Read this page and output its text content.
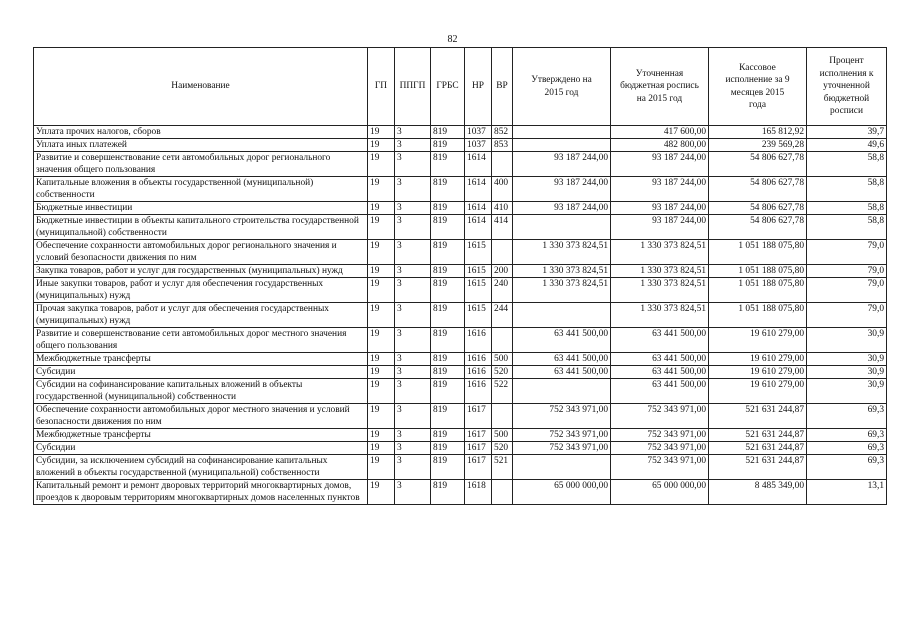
82
Наименование	ГП	ППГП	ГРБС	НР	ВР	Утверждено на 2015 год	Уточненная бюджетная роспись на 2015 год	Кассовое исполнение за 9 месяцев 2015 года	Процент исполнения к уточненной бюджетной росписи
Уплата прочих налогов, сборов	19	3	819	1037	852		417 600,00	165 812,92	39,7
Уплата иных платежей	19	3	819	1037	853		482 800,00	239 569,28	49,6
Развитие и совершенствование сети автомобильных дорог регионального значения общего пользования	19	3	819	1614		93 187 244,00	93 187 244,00	54 806 627,78	58,8
Капитальные вложения в объекты государственной (муниципальной) собственности	19	3	819	1614	400	93 187 244,00	93 187 244,00	54 806 627,78	58,8
Бюджетные инвестиции	19	3	819	1614	410	93 187 244,00	93 187 244,00	54 806 627,78	58,8
Бюджетные инвестиции в объекты капитального строительства государственной (муниципальной) собственности	19	3	819	1614	414		93 187 244,00	54 806 627,78	58,8
Обеспечение сохранности автомобильных дорог регионального значения и условий безопасности движения по ним	19	3	819	1615		1 330 373 824,51	1 330 373 824,51	1 051 188 075,80	79,0
Закупка товаров, работ и услуг для государственных (муниципальных) нужд	19	3	819	1615	200	1 330 373 824,51	1 330 373 824,51	1 051 188 075,80	79,0
Иные закупки товаров, работ и услуг для обеспечения государственных (муниципальных) нужд	19	3	819	1615	240	1 330 373 824,51	1 330 373 824,51	1 051 188 075,80	79,0
Прочая закупка товаров, работ и услуг для обеспечения государственных (муниципальных) нужд	19	3	819	1615	244		1 330 373 824,51	1 051 188 075,80	79,0
Развитие и совершенствование сети автомобильных дорог местного значения общего пользования	19	3	819	1616		63 441 500,00	63 441 500,00	19 610 279,00	30,9
Межбюджетные трансферты	19	3	819	1616	500	63 441 500,00	63 441 500,00	19 610 279,00	30,9
Субсидии	19	3	819	1616	520	63 441 500,00	63 441 500,00	19 610 279,00	30,9
Субсидии на софинансирование капитальных вложений в объекты государственной (муниципальной) собственности	19	3	819	1616	522		63 441 500,00	19 610 279,00	30,9
Обеспечение сохранности автомобильных дорог местного значения и условий безопасности движения по ним	19	3	819	1617		752 343 971,00	752 343 971,00	521 631 244,87	69,3
Межбюджетные трансферты	19	3	819	1617	500	752 343 971,00	752 343 971,00	521 631 244,87	69,3
Субсидии	19	3	819	1617	520	752 343 971,00	752 343 971,00	521 631 244,87	69,3
Субсидии, за исключением субсидий на софинансирование капитальных вложений в объекты государственной (муниципальной) собственности	19	3	819	1617	521		752 343 971,00	521 631 244,87	69,3
Капитальный ремонт и ремонт дворовых территорий многоквартирных домов, проездов к дворовым территориям многоквартирных домов населенных пунктов	19	3	819	1618		65 000 000,00	65 000 000,00	8 485 349,00	13,1
